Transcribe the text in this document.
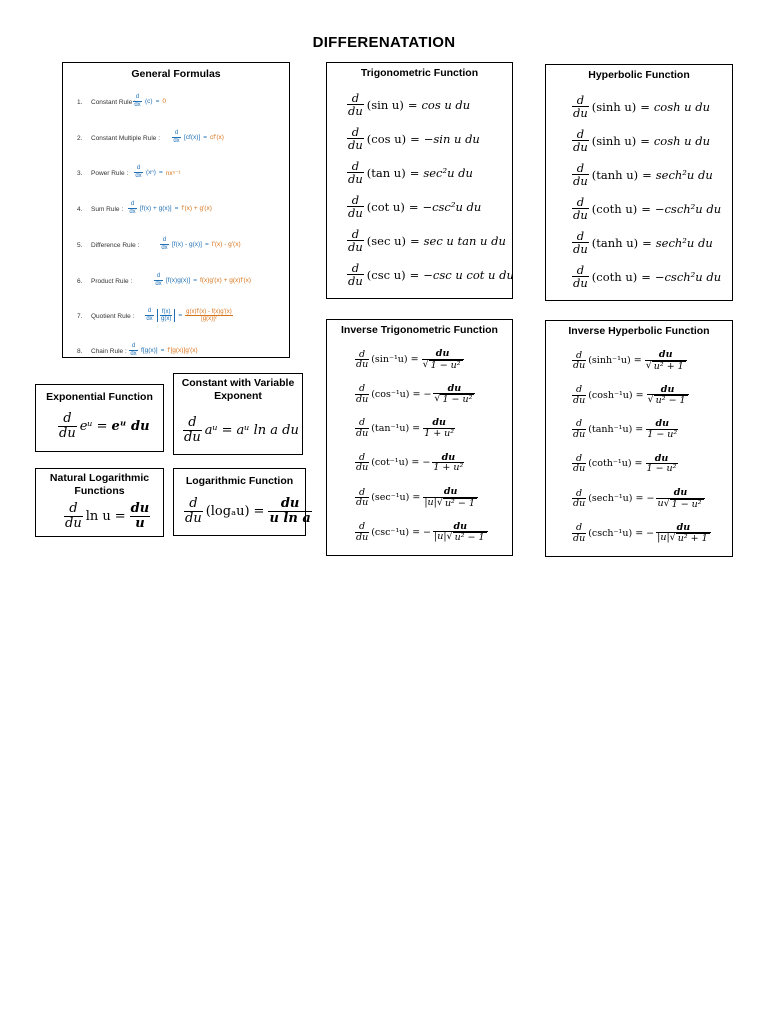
DIFFERENATATION
General Formulas
1. Constant Rule :
d
dx (c) = 0
2. Constant Multiple Rule :
d
dx [cf(x)] = cf'(x)
3. Power Rule :
d
dx (xⁿ) = nxⁿ⁻¹
4. Sum Rule :
d
dx [f(x) + g(x)] = f'(x) + g'(x)
5. Difference Rule :
d
dx [f(x) - g(x)] = f'(x) - g'(x)
6. Product Rule :
d
dx [f(x)g(x)] = f(x)g'(x) + g(x)f'(x)
7. Quotient Rule :
d
dx $\frac{f(x)}{g(x)} = \frac{g(x)f'(x) - f(x)g'(x)}{\text{[g(x)]²}}$
8. Chain Rule :
d
dx f[g(x)] = f'[g(x)]g'(x)
Trigonometric Function
$\frac{d}{du} (\sin$ u) = cos u du
$\frac{d}{du} (\cos$ u) = −sin u du
$\frac{d}{du} (\tan$ u) = sec²u du
$\frac{d}{du} (\cot$ u) = −csc²u du
$\frac{d}{du} (\sec$ u) = sec u tan u du
$\frac{d}{du} (\csc$ u) = −csc u cot u du
Hyperbolic Function
$\frac{d}{du} (\sinh$ u) = cosh u du
$\frac{d}{du} (\sinh$ u) = cosh u du
$\frac{d}{du} (\tanh$ u) = sech²u du
$\frac{d}{du} (\cot h$ u) = −csch²u du
$\frac{d}{du} (\tanh$ u) = sech²u du
$\frac{d}{du} (\cot h$ u) = −csch²u du
Inverse Trigonometric Function
$\frac{d}{du} (\sin^{-1}u) = \frac{du}{\text{√ 1 − u²}}$
$\frac{d}{du} (\cos^{-1}u)$ = − $\frac{du}{\text{√ 1 − u²}}$
$\frac{d}{du} (\tan^{-1}u) = \frac{du}{\text{1 + u²}}$
$\frac{d}{du} (\cot^{-1}u)$ = − $\frac{du}{\text{1 + u²}}$
$\frac{d}{du} (\sec^{-1}u) = \frac{du}{\text{|u| √ u² − 1}}$
$\frac{d}{du} (\csc^{-1}u)$ = − $\frac{du}{\text{|u| √ u² − 1}}$
Inverse Hyperbolic Function
$\frac{d}{du} (\sinh^{-1}u) = \frac{du}{\text{√ u² + 1}}$
$\frac{d}{du} (\cosh^{-1}u) = \frac{du}{\text{√ u² − 1}}$
$\frac{d}{du} (\tanh^{-1}u) = \frac{du}{\text{1 − u²}}$
$\frac{d}{du} (\cot h^{-1}u) = \frac{du}{\text{1 − u²}}$
$\frac{d}{du} (\sec h^{-1}u)$ = − $\frac{du}{\text{u √ 1 − u²}}$
$\frac{d}{du} (\csc h^{-1}u)$ = − $\frac{du}{\text{|u| √ u² + 1}}$
Exponential Function
$\frac{d}{du}$ eᵘ = eᵘ du
Constant with Variable Exponent
$\frac{d}{du}$ aᵘ = aᵘ ln a du
Natural Logarithmic Functions
$\frac{d}{du}$ $\ln u = \frac{du}{u}$
Logarithmic Function
$\frac{d}{du} (\log_au) = \frac{du}{\text{u ln a}}$
